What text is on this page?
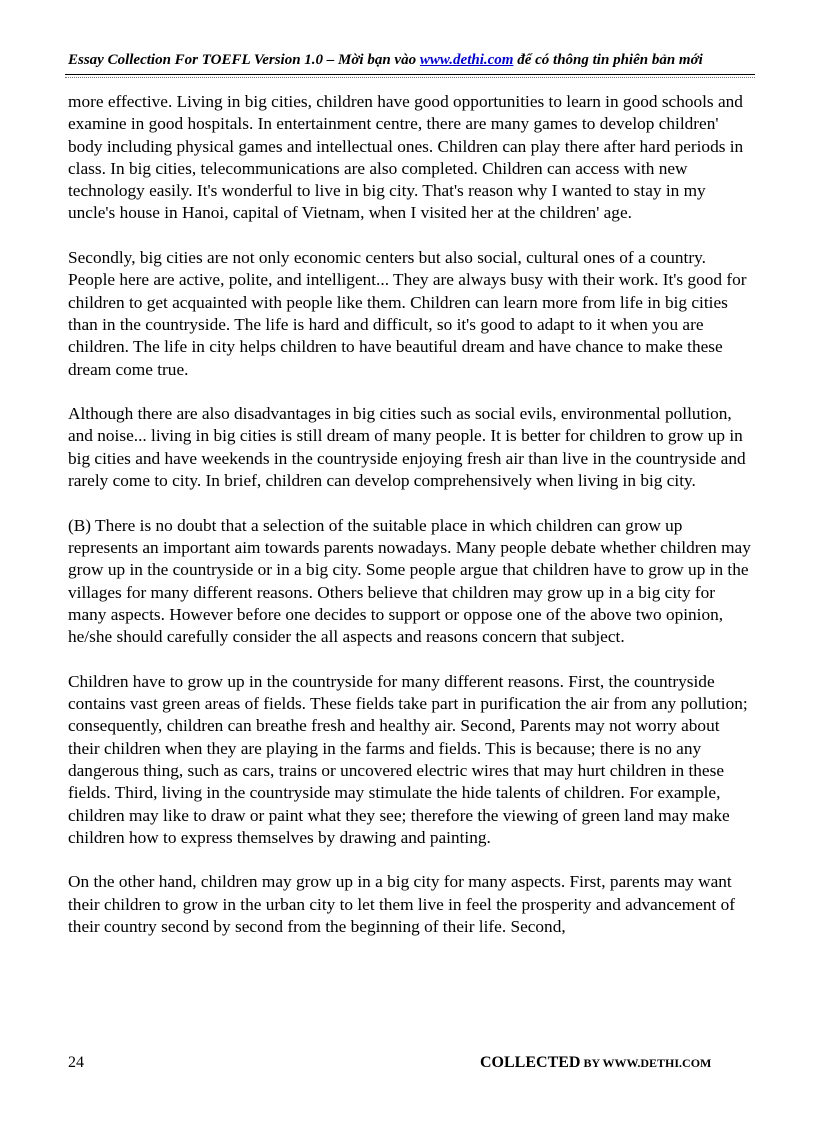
Essay Collection For TOEFL Version 1.0 – Mời bạn vào www.dethi.com để có thông tin phiên bản mới

more effective. Living in big cities, children have good opportunities to learn in good schools and examine in good hospitals. In entertainment centre, there are many games to develop children' body including physical games and intellectual ones. Children can play there after hard periods in class. In big cities, telecommunications are also completed. Children can access with new technology easily. It's wonderful to live in big city. That's reason why I wanted to stay in my uncle's house in Hanoi, capital of Vietnam, when I visited her at the children' age.

Secondly, big cities are not only economic centers but also social, cultural ones of a country. People here are active, polite, and intelligent... They are always busy with their work. It's good for children to get acquainted with people like them. Children can learn more from life in big cities than in the countryside. The life is hard and difficult, so it's good to adapt to it when you are children. The life in city helps children to have beautiful dream and have chance to make these dream come true.

Although there are also disadvantages in big cities such as social evils, environmental pollution, and noise... living in big cities is still dream of many people. It is better for children to grow up in big cities and have weekends in the countryside enjoying fresh air than live in the countryside and rarely come to city. In brief, children can develop comprehensively when living in big city.

(B) There is no doubt that a selection of the suitable place in which children can grow up represents an important aim towards parents nowadays. Many people debate whether children may grow up in the countryside or in a big city. Some people argue that children have to grow up in the villages for many different reasons. Others believe that children may grow up in a big city for many aspects. However before one decides to support or oppose one of the above two opinion, he/she should carefully consider the all aspects and reasons concern that subject.

Children have to grow up in the countryside for many different reasons. First, the countryside contains vast green areas of fields. These fields take part in purification the air from any pollution; consequently, children can breathe fresh and healthy air. Second, Parents may not worry about their children when they are playing in the farms and fields. This is because; there is no any dangerous thing, such as cars, trains or uncovered electric wires that may hurt children in these fields. Third, living in the countryside may stimulate the hide talents of children. For example, children may like to draw or paint what they see; therefore the viewing of green land may make children how to express themselves by drawing and painting.

On the other hand, children may grow up in a big city for many aspects. First, parents may want their children to grow in the urban city to let them live in feel the prosperity and advancement of their country second by second from the beginning of their life. Second,

24	COLLECTED BY WWW.DETHI.COM
